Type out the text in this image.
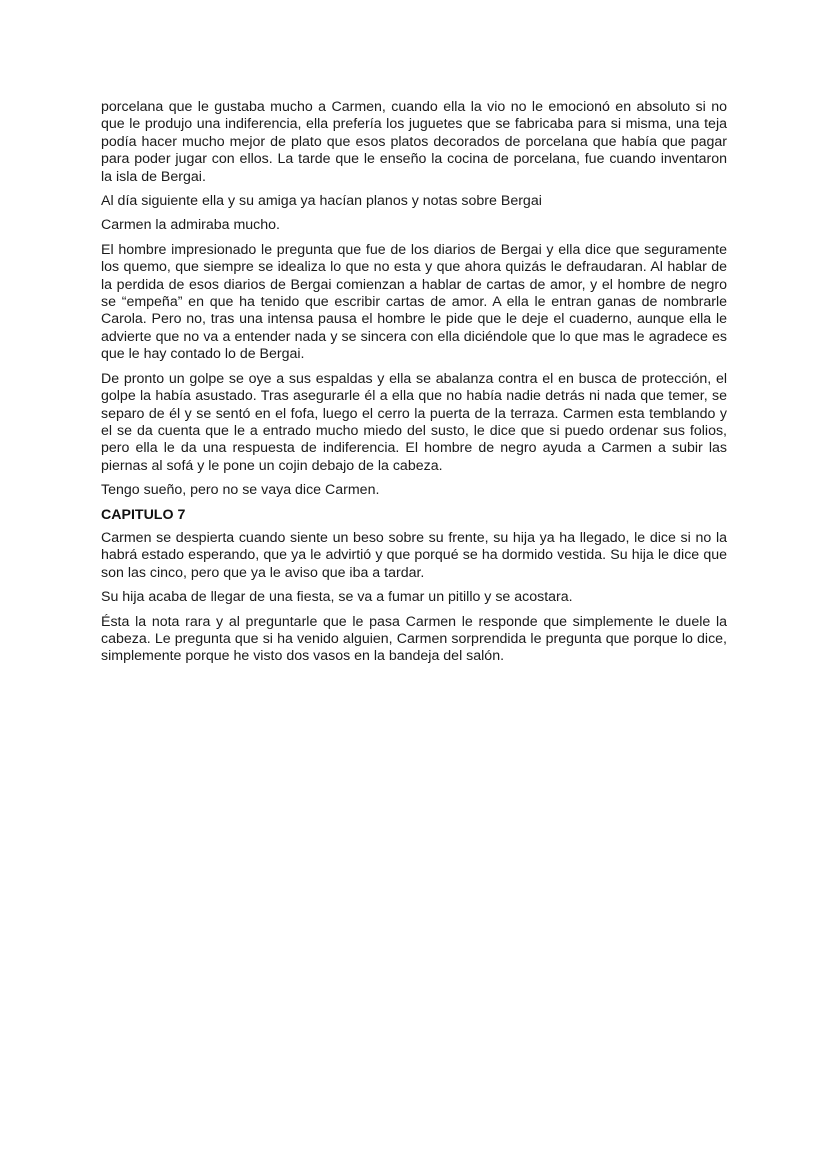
porcelana que le gustaba mucho a Carmen, cuando ella la vio no le emocionó en absoluto si no que le produjo una indiferencia, ella prefería los juguetes que se fabricaba para si misma, una teja podía hacer mucho mejor de plato que esos platos decorados de porcelana que había que pagar para poder jugar con ellos. La tarde que le enseño la cocina de porcelana, fue cuando inventaron la isla de Bergai.

Al día siguiente ella y su amiga ya hacían planos y notas sobre Bergai

Carmen la admiraba mucho.

El hombre impresionado le pregunta que fue de los diarios de Bergai y ella dice que seguramente los quemo, que siempre se idealiza lo que no esta y que ahora quizás le defraudaran. Al hablar de la perdida de esos diarios de Bergai comienzan a hablar de cartas de amor, y el hombre de negro se “empeña” en que ha tenido que escribir cartas de amor. A ella le entran ganas de nombrarle Carola. Pero no, tras una intensa pausa el hombre le pide que le deje el cuaderno, aunque ella le advierte que no va a entender nada y se sincera con ella diciéndole que lo que mas le agradece es que le hay contado lo de Bergai.

De pronto un golpe se oye a sus espaldas y ella se abalanza contra el en busca de protección, el golpe la había asustado. Tras asegurarle él a ella que no había nadie detrás ni nada que temer, se separo de él y se sentó en el fofa, luego el cerro la puerta de la terraza. Carmen esta temblando y el se da cuenta que le a entrado mucho miedo del susto, le dice que si puedo ordenar sus folios, pero ella le da una respuesta de indiferencia. El hombre de negro ayuda a Carmen a subir las piernas al sofá y le pone un cojin debajo de la cabeza.

Tengo sueño, pero no se vaya dice Carmen.

CAPITULO 7

Carmen se despierta cuando siente un beso sobre su frente, su hija ya ha llegado, le dice si no la habrá estado esperando, que ya le advirtió y que porqué se ha dormido vestida. Su hija le dice que son las cinco, pero que ya le aviso que iba a tardar.

Su hija acaba de llegar de una fiesta, se va a fumar un pitillo y se acostara.

Ésta la nota rara y al preguntarle que le pasa Carmen le responde que simplemente le duele la cabeza. Le pregunta que si ha venido alguien, Carmen sorprendida le pregunta que porque lo dice, simplemente porque he visto dos vasos en la bandeja del salón.
